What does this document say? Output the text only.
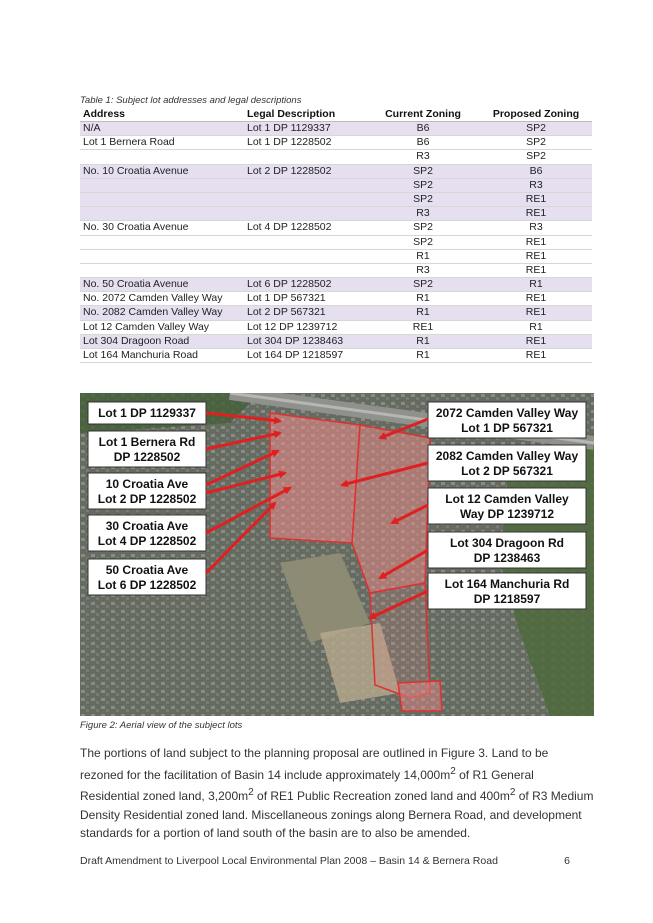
Table 1: Subject lot addresses and legal descriptions
Address	Legal Description	Current Zoning	Proposed Zoning
N/A	Lot 1 DP 1129337	B6	SP2
Lot 1 Bernera Road	Lot 1 DP 1228502	B6	SP2
		R3	SP2
No. 10 Croatia Avenue	Lot 2 DP 1228502	SP2	B6
		SP2	R3
		SP2	RE1
		R3	RE1
No. 30 Croatia Avenue	Lot 4 DP 1228502	SP2	R3
		SP2	RE1
		R1	RE1
		R3	RE1
No. 50 Croatia Avenue	Lot 6 DP 1228502	SP2	R1
No. 2072 Camden Valley Way	Lot 1 DP 567321	R1	RE1
No. 2082 Camden Valley Way	Lot 2 DP 567321	R1	RE1
Lot 12 Camden Valley Way	Lot 12 DP 1239712	RE1	R1
Lot 304 Dragoon Road	Lot 304 DP 1238463	R1	RE1
Lot 164 Manchuria Road	Lot 164 DP 1218597	R1	RE1
Lot 1 DP 1129337
Lot 1 Bernera Rd
DP 1228502
10 Croatia Ave
Lot 2 DP 1228502
30 Croatia Ave
Lot 4 DP 1228502
50 Croatia Ave
Lot 6 DP 1228502
2072 Camden Valley Way
Lot 1 DP 567321
2082 Camden Valley Way
Lot 2 DP 567321
Lot 12 Camden Valley
Way DP 1239712
Lot 304 Dragoon Rd
DP 1238463
Lot 164 Manchuria Rd
DP 1218597
Figure 2: Aerial view of the subject lots
The portions of land subject to the planning proposal are outlined in Figure 3. Land to be rezoned for the facilitation of Basin 14 include approximately $14,000m^2$ of R1 General Residential zoned land, $3,200m^2$ of RE1 Public Recreation zoned land and $400m^2$ of R3 Medium Density Residential zoned land. Miscellaneous zonings along Bernera Road, and development standards for a portion of land south of the basin are to also be amended.
Draft Amendment to Liverpool Local Environmental Plan 2008 – Basin 14 & Bernera Road	6
